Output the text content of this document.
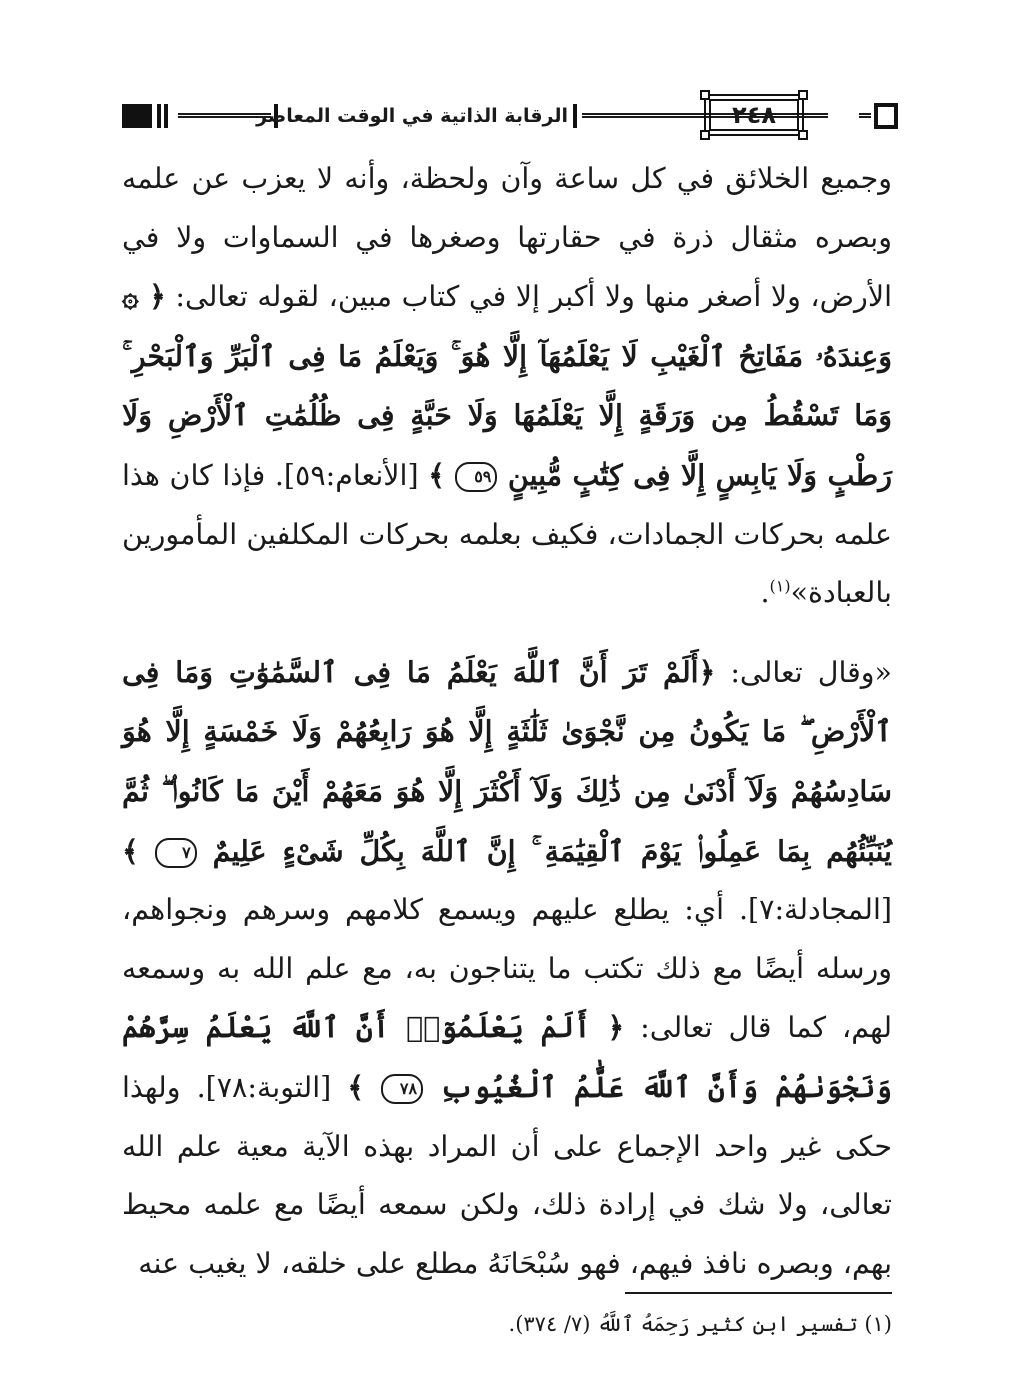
الرقابة الذاتية في الوقت المعاصر	٢٤٨

وجميع الخلائق في كل ساعة وآن ولحظة، وأنه لا يعزب عن علمه وبصره مثقال ذرة في حقارتها وصغرها في السماوات ولا في الأرض، ولا أصغر منها ولا أكبر إلا في كتاب مبين، لقوله تعالى: ﴿ ۞ وَعِندَهُۥ مَفَاتِحُ ٱلْغَيْبِ لَا يَعْلَمُهَآ إِلَّا هُوَ ۚ وَيَعْلَمُ مَا فِى ٱلْبَرِّ وَٱلْبَحْرِ ۚ وَمَا تَسْقُطُ مِن وَرَقَةٍ إِلَّا يَعْلَمُهَا وَلَا حَبَّةٍ فِى ظُلُمَٰتِ ٱلْأَرْضِ وَلَا رَطْبٍ وَلَا يَابِسٍ إِلَّا فِى كِتَٰبٍ مُّبِينٍ ٥٩ ﴾ [الأنعام:٥٩]. فإذا كان هذا علمه بحركات الجمادات، فكيف بعلمه بحركات المكلفين المأمورين بالعبادة»$^{(١)}$.

«وقال تعالى: ﴿أَلَمْ تَرَ أَنَّ ٱللَّهَ يَعْلَمُ مَا فِى ٱلسَّمَٰوَٰتِ وَمَا فِى ٱلْأَرْضِ ۖ مَا يَكُونُ مِن نَّجْوَىٰ ثَلَٰثَةٍ إِلَّا هُوَ رَابِعُهُمْ وَلَا خَمْسَةٍ إِلَّا هُوَ سَادِسُهُمْ وَلَآ أَدْنَىٰ مِن ذَٰلِكَ وَلَآ أَكْثَرَ إِلَّا هُوَ مَعَهُمْ أَيْنَ مَا كَانُوا۟ ۖ ثُمَّ يُنَبِّئُهُم بِمَا عَمِلُوا۟ يَوْمَ ٱلْقِيَٰمَةِ ۚ إِنَّ ٱللَّهَ بِكُلِّ شَىْءٍ عَلِيمٌ ٧ ﴾ [المجادلة:٧]. أي: يطلع عليهم ويسمع كلامهم وسرهم ونجواهم، ورسله أيضًا مع ذلك تكتب ما يتناجون به، مع علم الله به وسمعه لهم، كما قال تعالى: ﴿ أَلَمْ يَعْلَمُوٓا۟ أَنَّ ٱللَّهَ يَعْلَمُ سِرَّهُمْ وَنَجْوَىٰهُمْ وَأَنَّ ٱللَّهَ عَلَّٰمُ ٱلْغُيُوبِ ٧٨ ﴾ [التوبة:٧٨]. ولهذا حكى غير واحد الإجماع على أن المراد بهذه الآية معية علم الله تعالى، ولا شك في إرادة ذلك، ولكن سمعه أيضًا مع علمه محيط بهم، وبصره نافذ فيهم، فهو سُبْحَانَهُ مطلع على خلقه، لا يغيب عنه

(١) تفسير ابن كثير رَحِمَهُ ٱللَّهُ (٧/ ٣٧٤).
